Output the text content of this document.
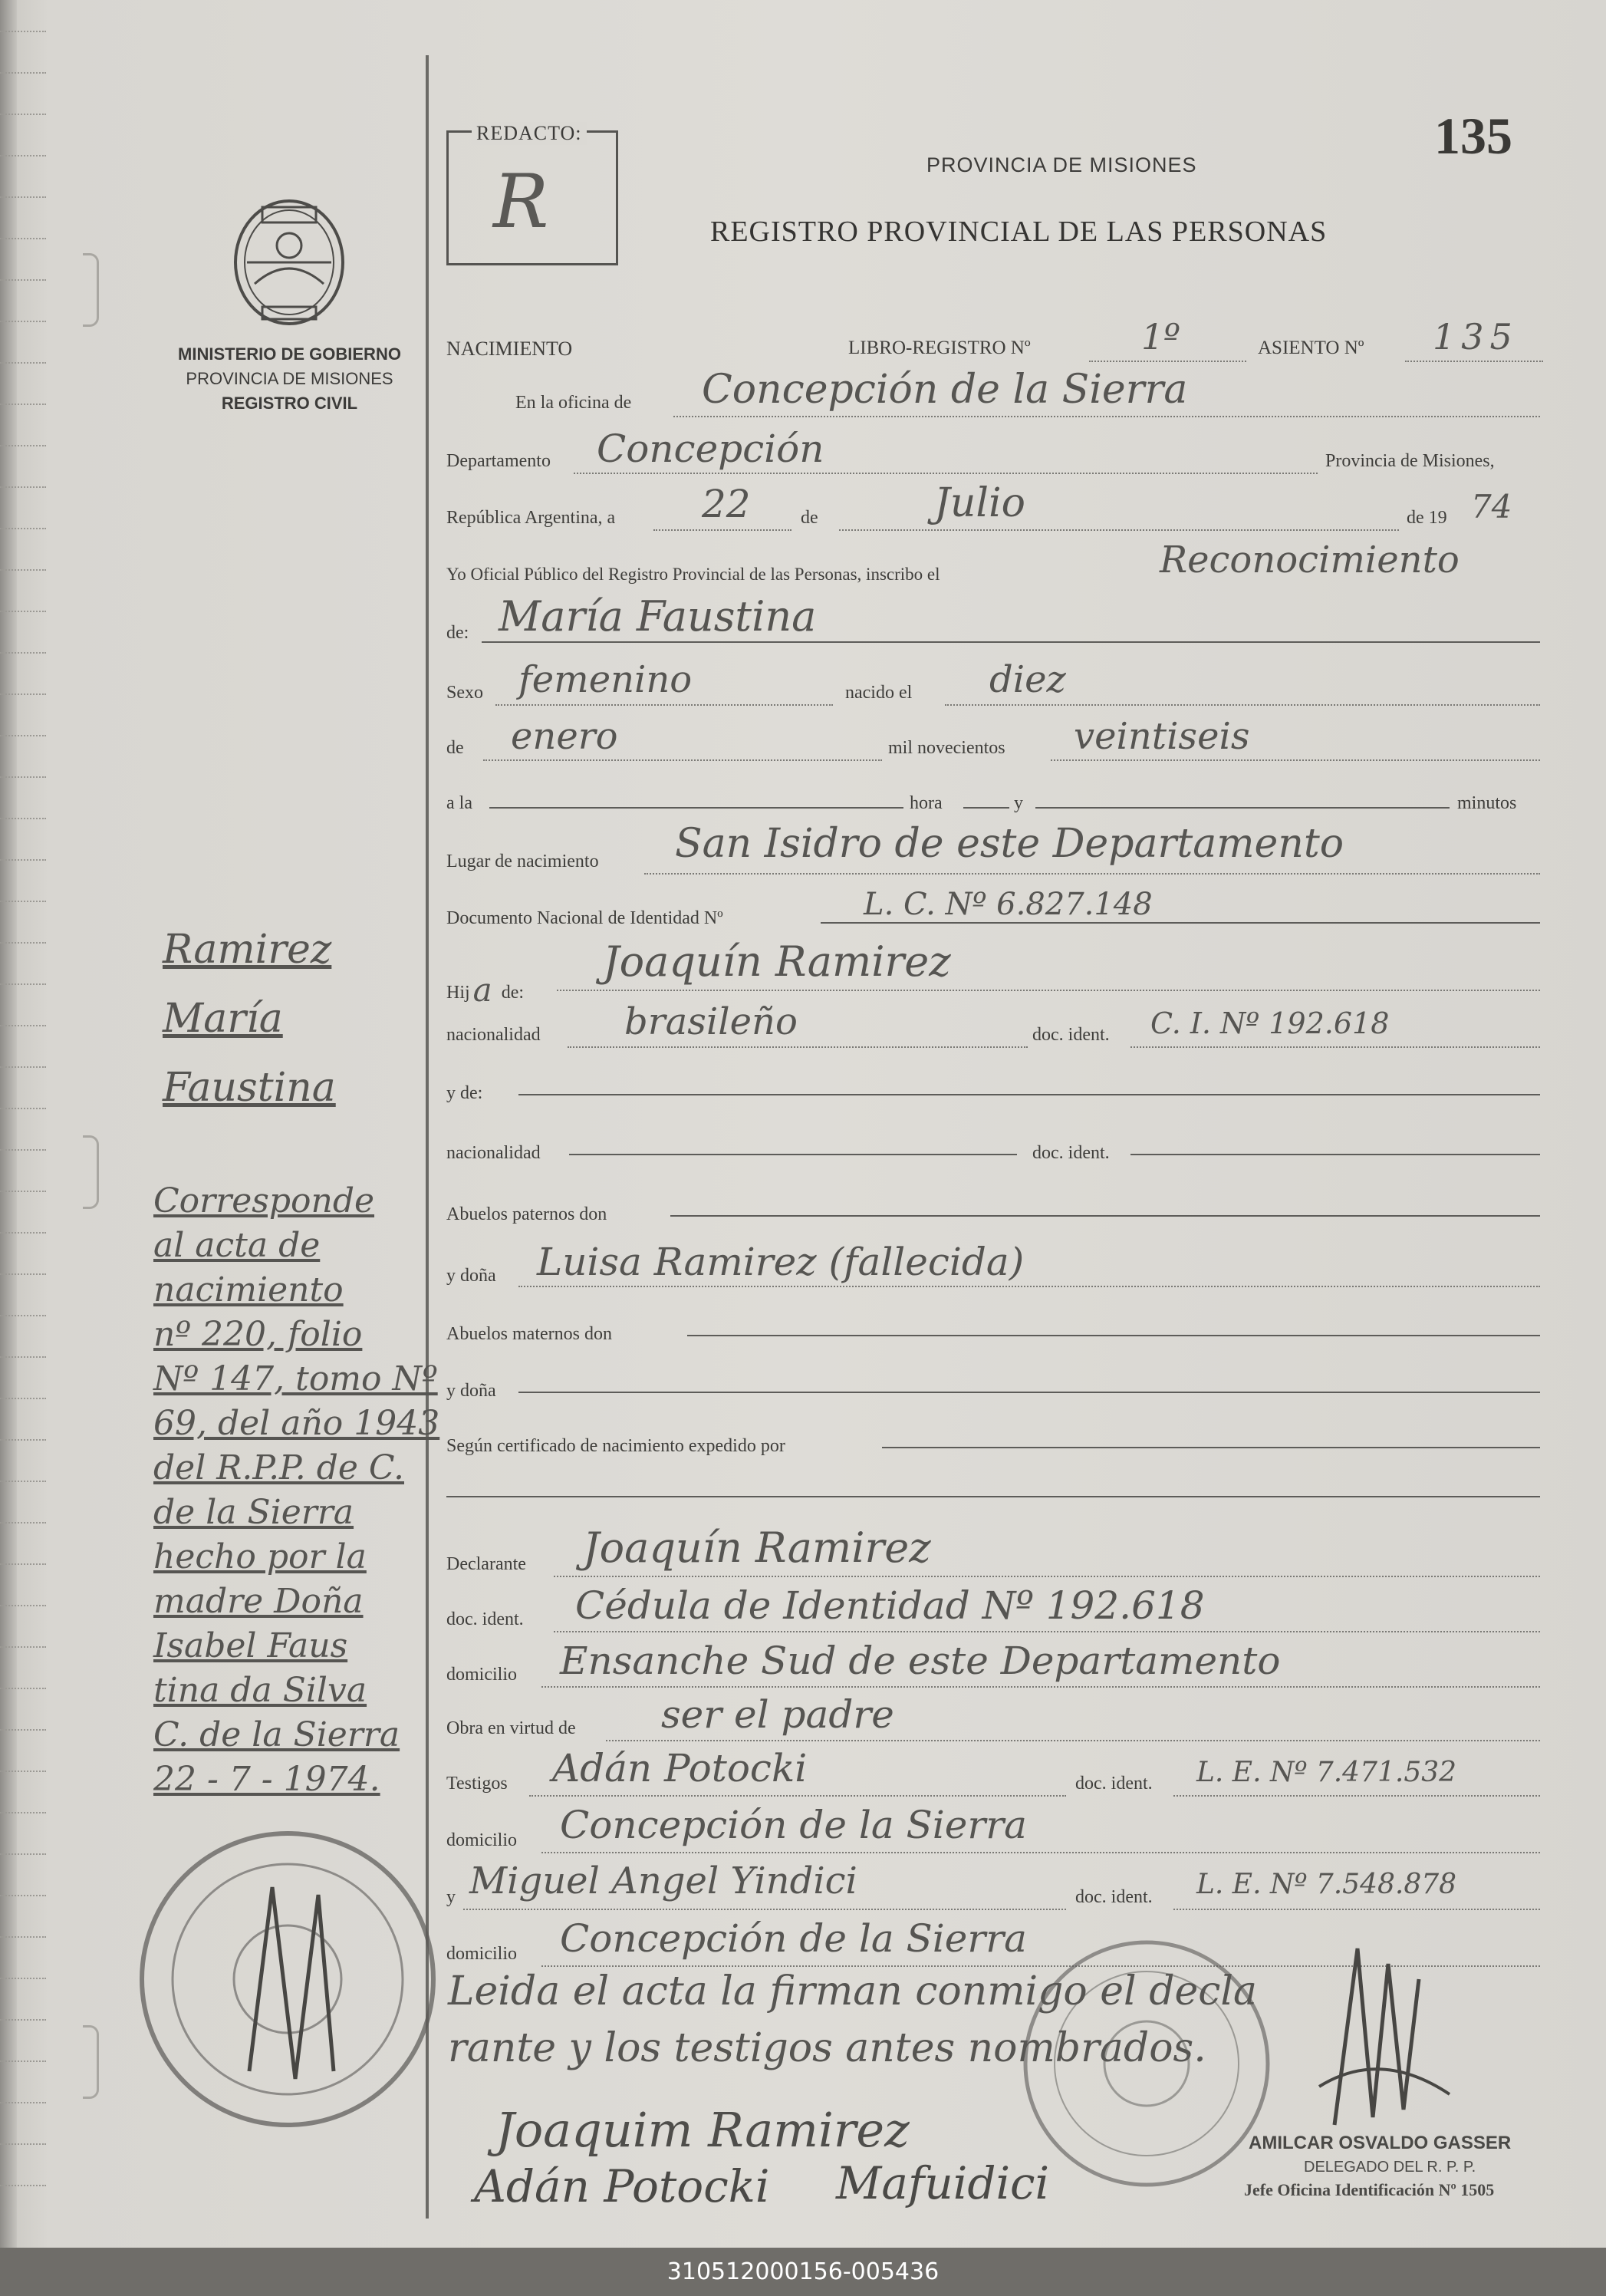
135
REDACTO:
R	PROVINCIA DE MISIONES
REGISTRO PROVINCIAL DE LAS PERSONAS
MINISTERIO DE GOBIERNO
PROVINCIA DE MISIONES
REGISTRO CIVIL
NACIMIENTO	LIBRO-REGISTRO Nº	1º	ASIENTO Nº 135
En la oficina de Concepción de la Sierra
Departamento Concepción	Provincia de Misiones,
República Argentina, a 22	de	Julio	de 19 74
Yo Oficial Público del Registro Provincial de las Personas, inscribo el	Reconocimiento
de: María Faustina
Sexo femenino	nacido el diez
de enero	mil novecientos veintiseis
a la	hora	y	minutos
Lugar de nacimiento San Isidro de este Departamento
Documento Nacional de Identidad Nº	L. C. Nº 6.827.148
Hija de:
Joaquín Ramirez
nacionalidad brasileño	doc. ident. C. I. Nº 192.618
y de:
nacionalidad	doc. ident.
Abuelos paternos don
y doña Luisa Ramirez (fallecida)
Abuelos maternos don
y doña
Según certificado de nacimiento expedido por
Declarante Joaquín Ramirez
doc. ident. Cédula de Identidad Nº 192.618
domicilio Ensanche Sud de este Departamento
Obra en virtud de ser el padre
Testigos Adán Potocki	doc. ident. L. E. Nº 7.471.532
domicilio Concepción de la Sierra
y Miguel Angel Yindici	doc. ident. L. E. Nº 7.548.878
domicilio Concepción de la Sierra
Leida el acta la firman conmigo el decla
rante y los testigos antes nombrados.
Joaquim Ramirez
Adán Potocki Mafuidici
AMILCAR OSVALDO GASSER
DELEGADO DEL R. P. P.
Jefe Oficina Identificación Nº 1505
Ramirez
María
Faustina
Corresponde
al acta de
nacimiento
nº 220, folio
Nº 147, tomo Nº
69, del año 1943
del R.P.P. de C.
de la Sierra
hecho por la
madre Doña
Isabel Faus
tina da Silva
C. de la Sierra
22 - 7 - 1974.
310512000156-005436
